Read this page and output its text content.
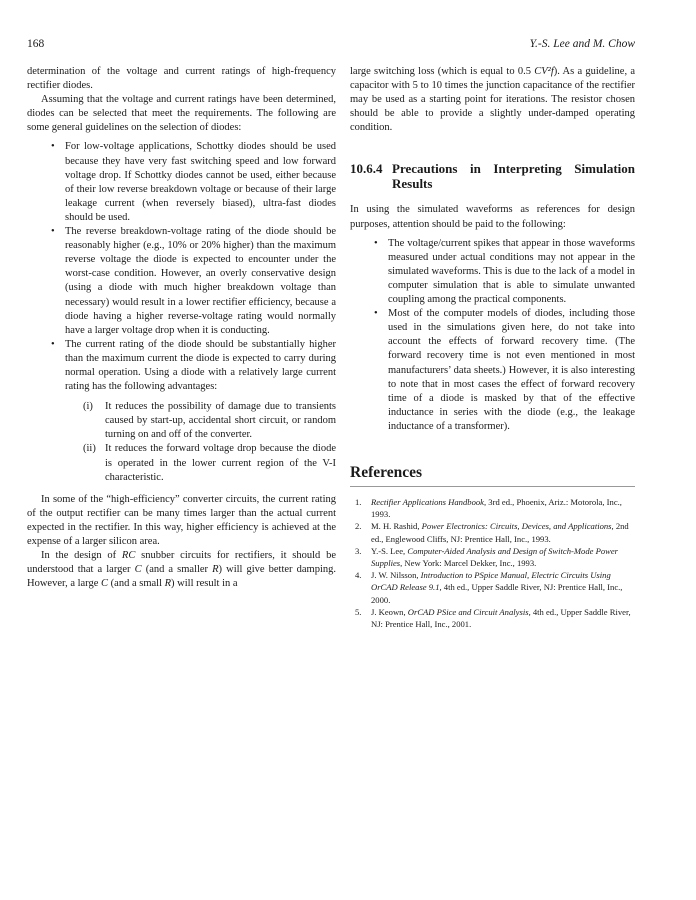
168	Y.-S. Lee and M. Chow

determination of the voltage and current ratings of high-frequency rectifier diodes.

Assuming that the voltage and current ratings have been determined, diodes can be selected that meet the requirements. The following are some general guidelines on the selection of diodes:

• For low-voltage applications, Schottky diodes should be used because they have very fast switching speed and low forward voltage drop. If Schottky diodes cannot be used, either because of their low reverse breakdown voltage or because of their large leakage current (when reversely biased), ultra-fast diodes should be used.
• The reverse breakdown-voltage rating of the diode should be reasonably higher (e.g., 10% or 20% higher) than the maximum reverse voltage the diode is expected to encounter under the worst-case condition. However, an overly conservative design (using a diode with much higher breakdown voltage than necessary) would result in a lower rectifier efficiency, because a diode having a higher reverse-voltage rating would normally have a larger voltage drop when it is conducting.
• The current rating of the diode should be substantially higher than the maximum current the diode is expected to carry during normal operation. Using a diode with a relatively large current rating has the following advantages:
(i) It reduces the possibility of damage due to transients caused by start-up, accidental short circuit, or random turning on and off of the converter.
(ii) It reduces the forward voltage drop because the diode is operated in the lower current region of the V-I characteristic.

In some of the “high-efficiency” converter circuits, the current rating of the output rectifier can be many times larger than the actual current expected in the rectifier. In this way, higher efficiency is achieved at the expense of a larger silicon area.

In the design of RC snubber circuits for rectifiers, it should be understood that a larger C (and a smaller R) will give better damping. However, a large C (and a small R) will result in a

large switching loss (which is equal to 0.5 CV²f). As a guideline, a capacitor with 5 to 10 times the junction capacitance of the rectifier may be used as a starting point for iterations. The resistor chosen should be able to provide a slightly under-damped operating condition.

10.6.4 Precautions in Interpreting Simulation Results

In using the simulated waveforms as references for design purposes, attention should be paid to the following:

• The voltage/current spikes that appear in those waveforms measured under actual conditions may not appear in the simulated waveforms. This is due to the lack of a model in computer simulation that is able to simulate unwanted coupling among the practical components.
• Most of the computer models of diodes, including those used in the simulations given here, do not take into account the effects of forward recovery time. (The forward recovery time is not even mentioned in most manufacturers’ data sheets.) However, it is also interesting to note that in most cases the effect of forward recovery time of a diode is masked by that of the effective inductance in series with the diode (e.g., the leakage inductance of a transformer).
References
1. Rectifier Applications Handbook, 3rd ed., Phoenix, Ariz.: Motorola, Inc., 1993.
2. M. H. Rashid, Power Electronics: Circuits, Devices, and Applications, 2nd ed., Englewood Cliffs, NJ: Prentice Hall, Inc., 1993.
3. Y.-S. Lee, Computer-Aided Analysis and Design of Switch-Mode Power Supplies, New York: Marcel Dekker, Inc., 1993.
4. J. W. Nilsson, Introduction to PSpice Manual, Electric Circuits Using OrCAD Release 9.1, 4th ed., Upper Saddle River, NJ: Prentice Hall, Inc., 2000.
5. J. Keown, OrCAD PSice and Circuit Analysis, 4th ed., Upper Saddle River, NJ: Prentice Hall, Inc., 2001.
